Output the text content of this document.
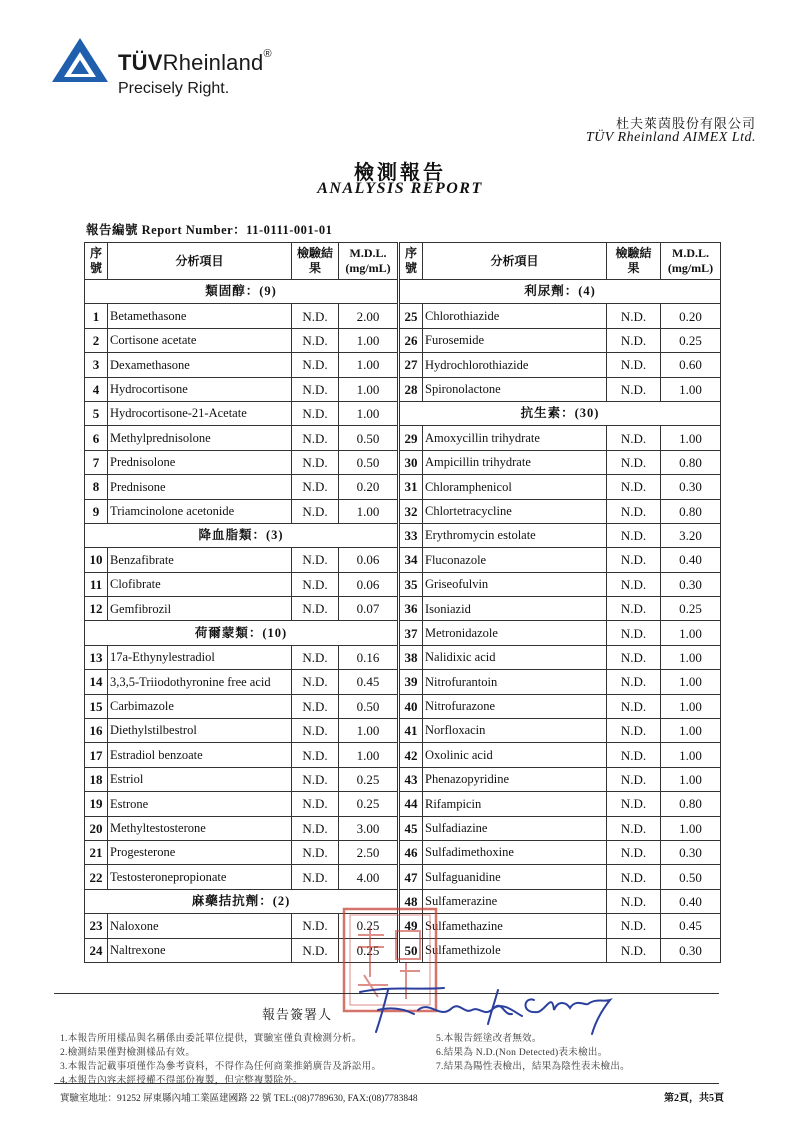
TÜVRheinland®
Precisely Right.
杜夫萊茵股份有限公司
TÜV Rheinland AIMEX Ltd.
檢測報告
ANALYSIS REPORT
報告編號 Report Number：11-0111-001-01
序號	分析項目	檢驗結果	M.D.L. (mg/mL)	序號	分析項目	檢驗結果	M.D.L. (mg/mL)
類固醇：(9)				利尿劑：(4)			
1	Betamethasone	N.D.	2.00	25	Chlorothiazide	N.D.	0.20
2	Cortisone acetate	N.D.	1.00	26	Furosemide	N.D.	0.25
3	Dexamethasone	N.D.	1.00	27	Hydrochlorothiazide	N.D.	0.60
4	Hydrocortisone	N.D.	1.00	28	Spironolactone	N.D.	1.00
5	Hydrocortisone-21-Acetate	N.D.	1.00	抗生素：(30)			
6	Methylprednisolone	N.D.	0.50	29	Amoxycillin trihydrate	N.D.	1.00
7	Prednisolone	N.D.	0.50	30	Ampicillin trihydrate	N.D.	0.80
8	Prednisone	N.D.	0.20	31	Chloramphenicol	N.D.	0.30
9	Triamcinolone acetonide	N.D.	1.00	32	Chlortetracycline	N.D.	0.80
降血脂類：(3)				33	Erythromycin estolate	N.D.	3.20
10	Benzafibrate	N.D.	0.06	34	Fluconazole	N.D.	0.40
11	Clofibrate	N.D.	0.06	35	Griseofulvin	N.D.	0.30
12	Gemfibrozil	N.D.	0.07	36	Isoniazid	N.D.	0.25
荷爾蒙類：(10)				37	Metronidazole	N.D.	1.00
13	17a-Ethynylestradiol	N.D.	0.16	38	Nalidixic acid	N.D.	1.00
14	3,3,5-Triiodothyronine free acid	N.D.	0.45	39	Nitrofurantoin	N.D.	1.00
15	Carbimazole	N.D.	0.50	40	Nitrofurazone	N.D.	1.00
16	Diethylstilbestrol	N.D.	1.00	41	Norfloxacin	N.D.	1.00
17	Estradiol benzoate	N.D.	1.00	42	Oxolinic acid	N.D.	1.00
18	Estriol	N.D.	0.25	43	Phenazopyridine	N.D.	1.00
19	Estrone	N.D.	0.25	44	Rifampicin	N.D.	0.80
20	Methyltestosterone	N.D.	3.00	45	Sulfadiazine	N.D.	1.00
21	Progesterone	N.D.	2.50	46	Sulfadimethoxine	N.D.	0.30
22	Testosteronepropionate	N.D.	4.00	47	Sulfaguanidine	N.D.	0.50
麻藥拮抗劑：(2)				48	Sulfamerazine	N.D.	0.40
23	Naloxone	N.D.	0.25	49	Sulfamethazine	N.D.	0.45
24	Naltrexone	N.D.	0.25	50	Sulfamethizole	N.D.	0.30
報告簽署人
1.本報告所用樣品與名稱係由委託單位提供，實驗室僅負責檢測分析。
2.檢測結果僅對檢測樣品有效。
3.本報告記載事項僅作為參考資料，不得作為任何商業推銷廣告及訴訟用。
4.本報告內容未經授權不得部份複製，但完整複製除外。
5.本報告經塗改者無效。
6.結果為 N.D.(Non Detected)表未檢出。
7.結果為陽性表檢出，結果為陰性表未檢出。
實驗室地址：91252 屏東縣內埔工業區建國路 22 號 TEL:(08)7789630, FAX:(08)7783848	第2頁，共5頁
